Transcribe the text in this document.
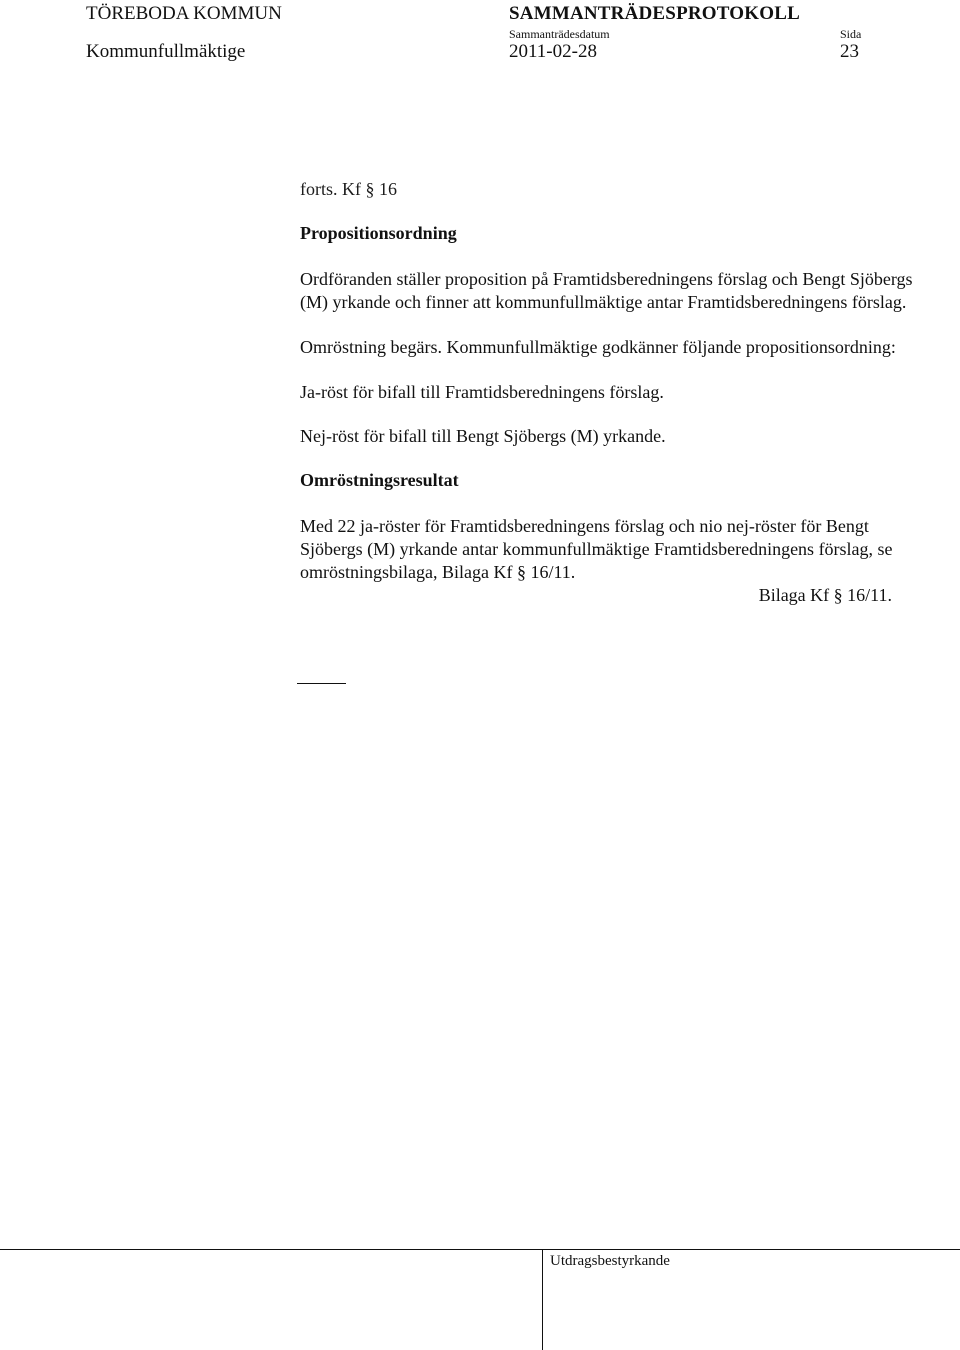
TÖREBODA KOMMUN	SAMMANTRÄDESPROTOKOLL
Sammanträdesdatum	Sida
Kommunfullmäktige	2011-02-28	23

forts. Kf § 16

Propositionsordning

Ordföranden ställer proposition på Framtidsberedningens förslag och Bengt Sjöbergs (M) yrkande och finner att kommunfullmäktige antar Framtidsberedningens förslag.

Omröstning begärs. Kommunfullmäktige godkänner följande propositionsordning:

Ja-röst för bifall till Framtidsberedningens förslag.

Nej-röst för bifall till Bengt Sjöbergs (M) yrkande.

Omröstningsresultat

Med 22 ja-röster för Framtidsberedningens förslag och nio nej-röster för Bengt Sjöbergs (M) yrkande antar kommunfullmäktige Framtidsberedningens förslag, se omröstningsbilaga, Bilaga Kf § 16/11.

Bilaga Kf § 16/11.

Utdragsbestyrkande
